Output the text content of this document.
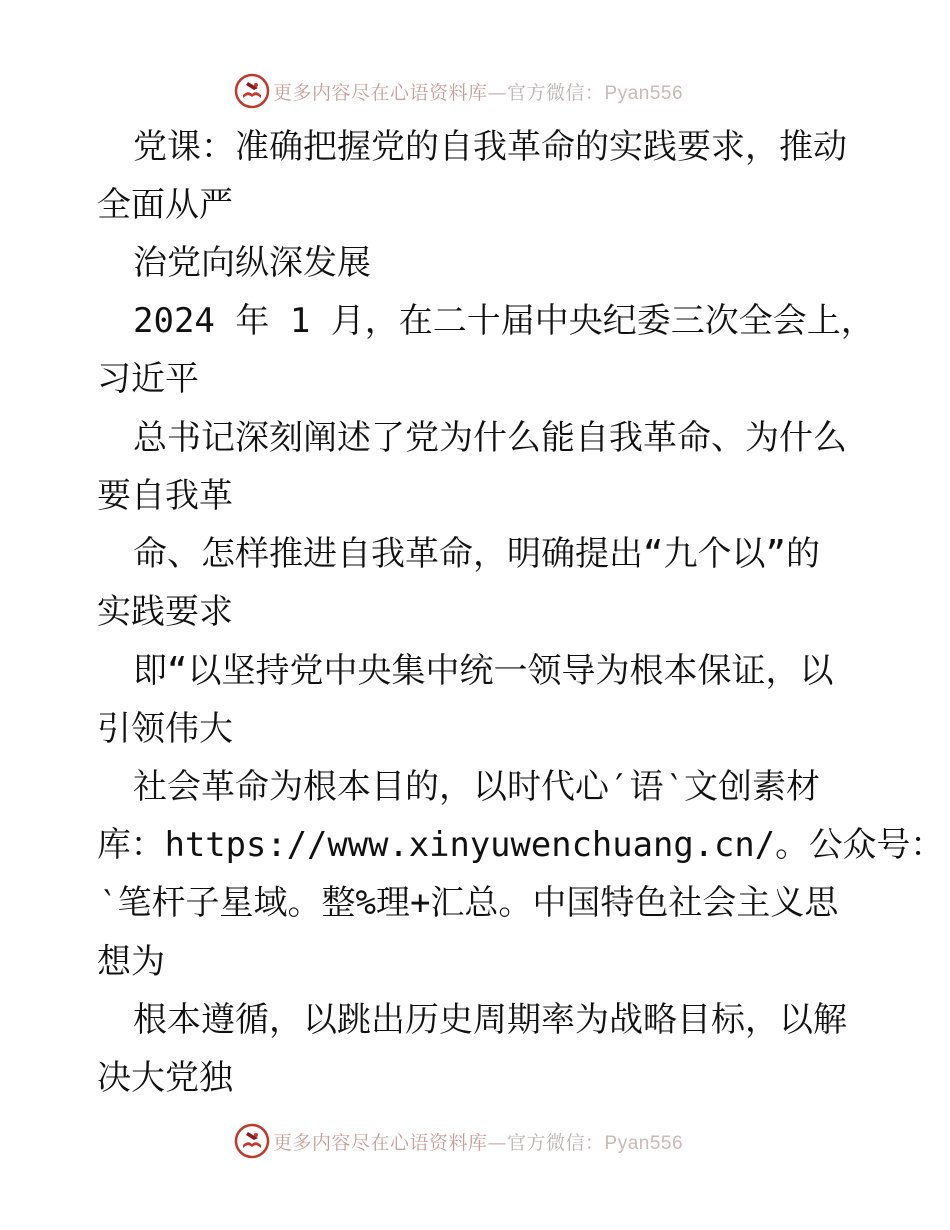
更多内容尽在心语资料库—官方微信：Pyan556
党课：准确把握党的自我革命的实践要求，推动
全面从严
治党向纵深发展
2024 年 1 月，在二十届中央纪委三次全会上，
习近平
总书记深刻阐述了党为什么能自我革命、为什么
要自我革
命、怎样推进自我革命，明确提出“九个以”的
实践要求
即“以坚持党中央集中统一领导为根本保证，以
引领伟大
社会革命为根本目的，以时代心′语‵文创素材
库：https://www.xinyuwenchuang.cn/。公众号：
‵笔杆子星域。整%理+汇总。中国特色社会主义思
想为
根本遵循，以跳出历史周期率为战略目标，以解
决大党独
更多内容尽在心语资料库—官方微信：Pyan556
